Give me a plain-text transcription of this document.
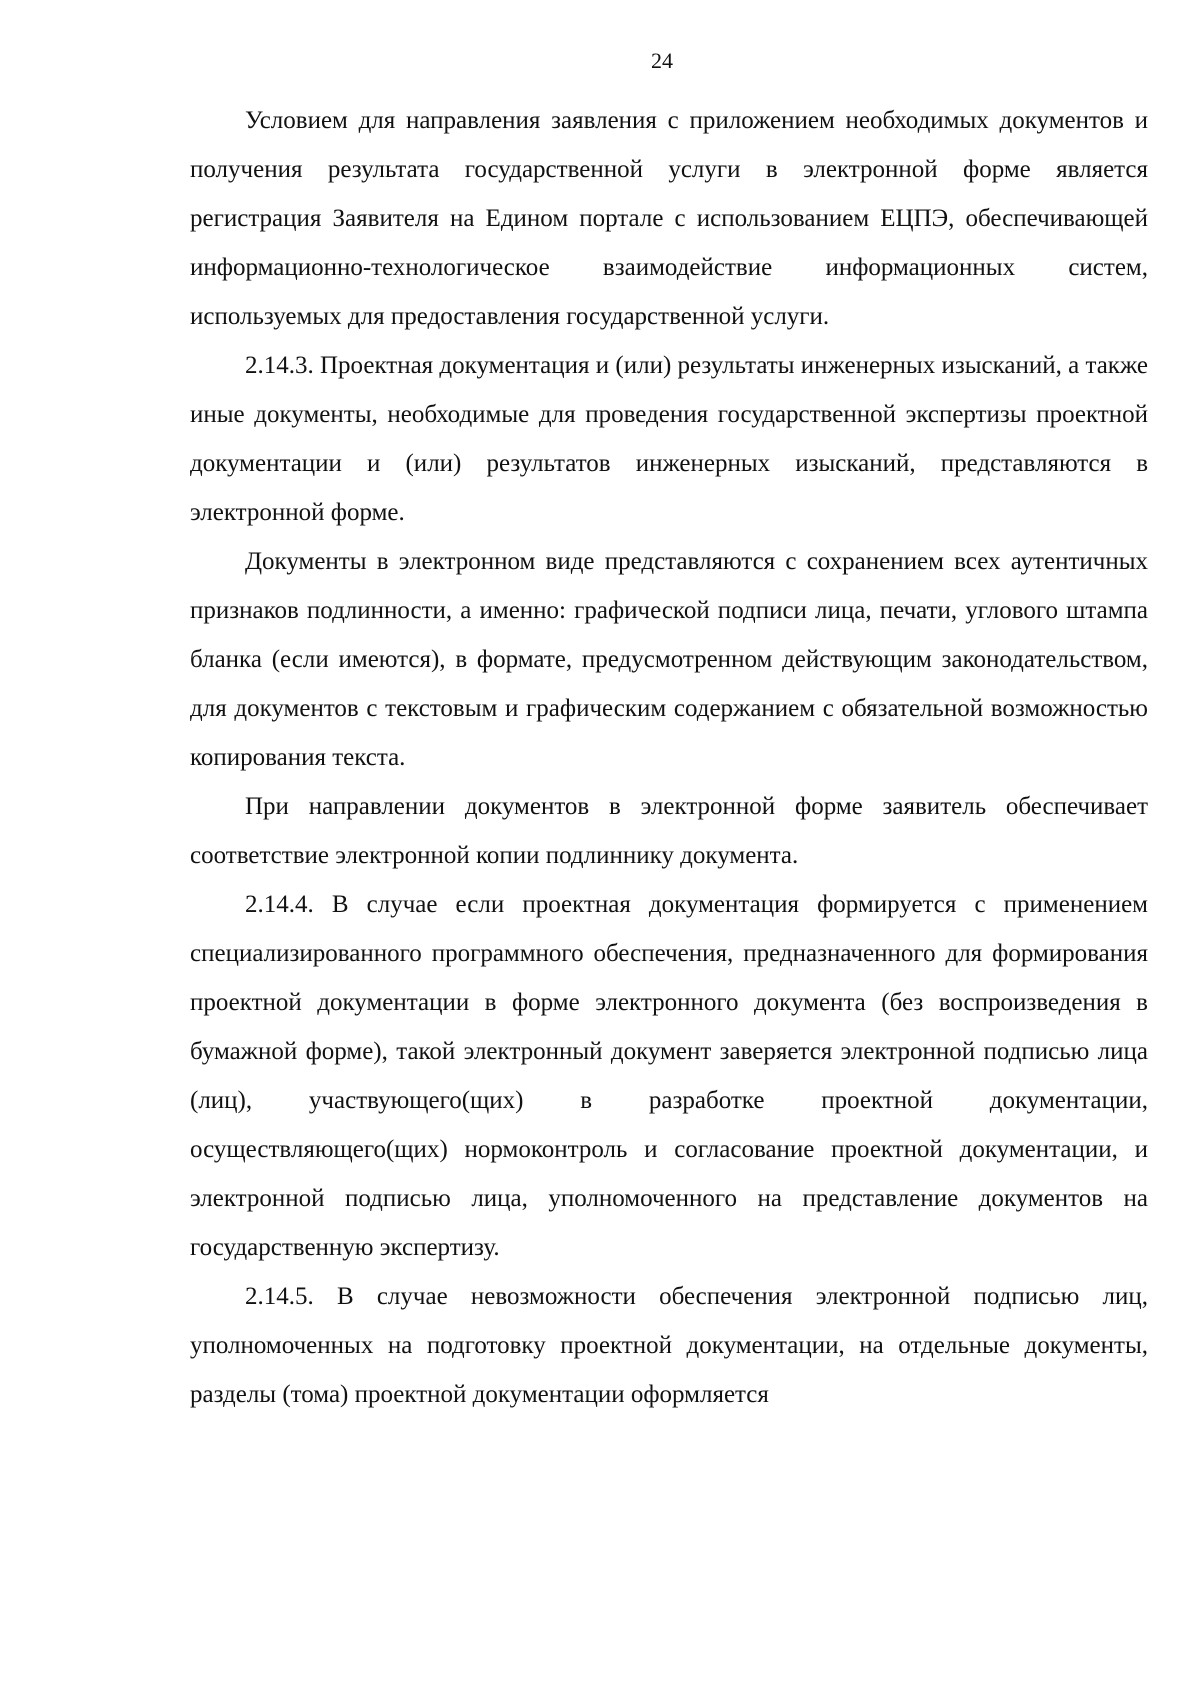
24

Условием для направления заявления с приложением необходимых документов и получения результата государственной услуги в электронной форме является регистрация Заявителя на Едином портале с использованием ЕЦПЭ, обеспечивающей информационно-технологическое взаимодействие информационных систем, используемых для предоставления государственной услуги.

2.14.3. Проектная документация и (или) результаты инженерных изысканий, а также иные документы, необходимые для проведения государственной экспертизы проектной документации и (или) результатов инженерных изысканий, представляются в электронной форме.

Документы в электронном виде представляются с сохранением всех аутентичных признаков подлинности, а именно: графической подписи лица, печати, углового штампа бланка (если имеются), в формате, предусмотренном действующим законодательством, для документов с текстовым и графическим содержанием с обязательной возможностью копирования текста.

При направлении документов в электронной форме заявитель обеспечивает соответствие электронной копии подлиннику документа.

2.14.4. В случае если проектная документация формируется с применением специализированного программного обеспечения, предназначенного для формирования проектной документации в форме электронного документа (без воспроизведения в бумажной форме), такой электронный документ заверяется электронной подписью лица (лиц), участвующего(щих) в разработке проектной документации, осуществляющего(щих) нормоконтроль и согласование проектной документации, и электронной подписью лица, уполномоченного на представление документов на государственную экспертизу.

2.14.5. В случае невозможности обеспечения электронной подписью лиц, уполномоченных на подготовку проектной документации, на отдельные документы, разделы (тома) проектной документации оформляется
